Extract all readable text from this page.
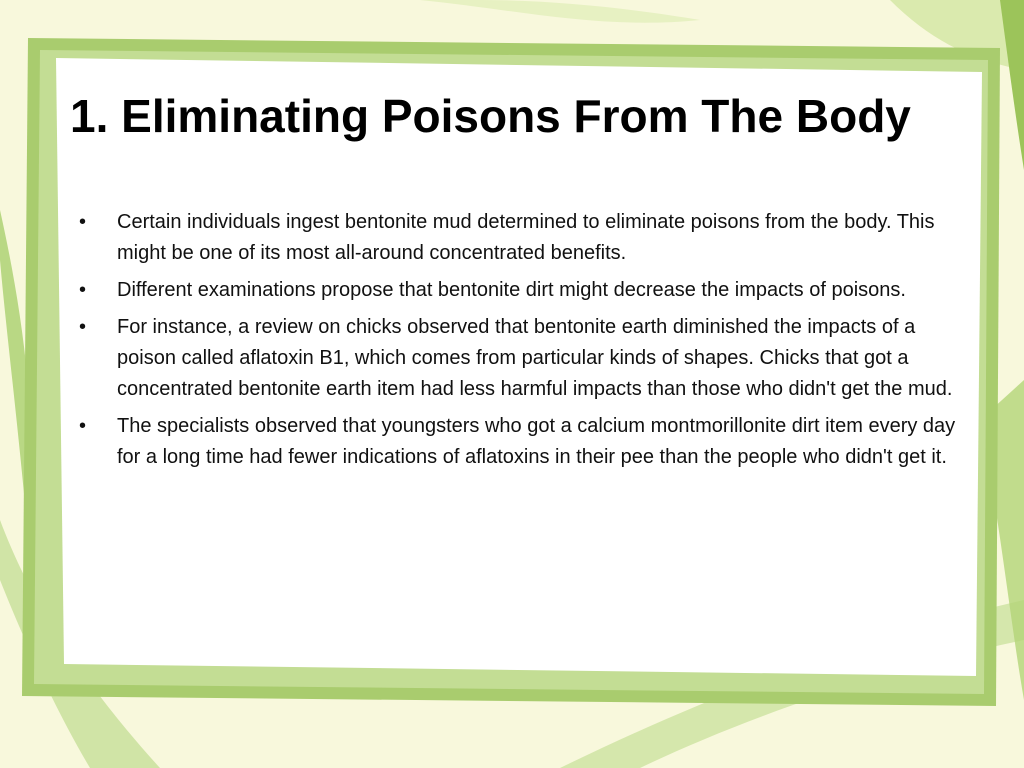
1. Eliminating Poisons From The Body
• Certain individuals ingest bentonite mud determined to eliminate poisons from the body. This might be one of its most all-around concentrated benefits.
• Different examinations propose that bentonite dirt might decrease the impacts of poisons.
• For instance, a review on chicks observed that bentonite earth diminished the impacts of a poison called aflatoxin B1, which comes from particular kinds of shapes. Chicks that got a concentrated bentonite earth item had less harmful impacts than those who didn't get the mud.
• The specialists observed that youngsters who got a calcium montmorillonite dirt item every day for a long time had fewer indications of aflatoxins in their pee than the people who didn't get it.
